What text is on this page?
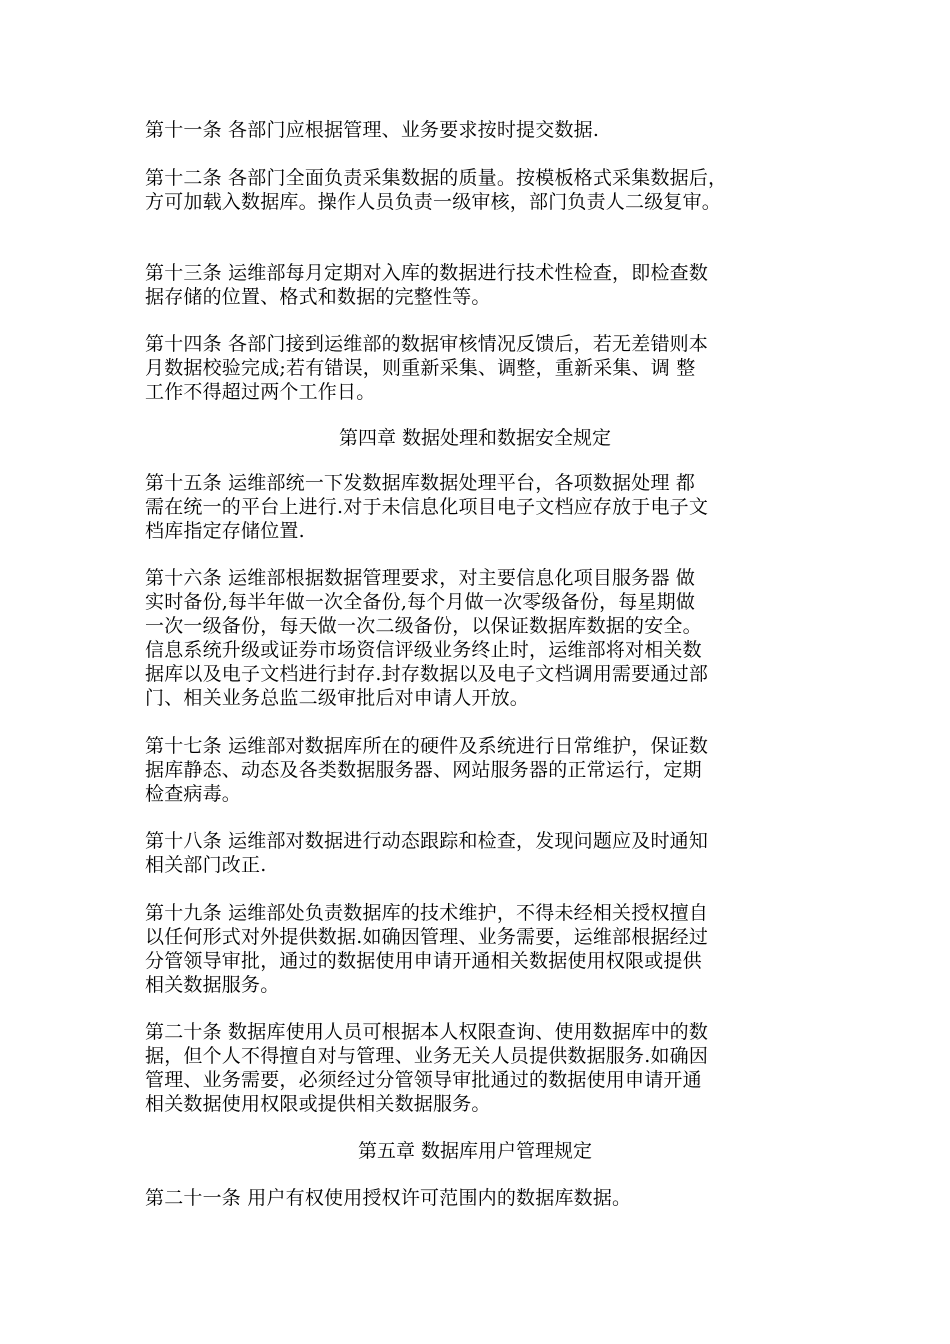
第十一条 各部门应根据管理、业务要求按时提交数据.
第十二条 各部门全面负责采集数据的质量。按模板格式采集数据后，
方可加载入数据库。操作人员负责一级审核，部门负责人二级复审。
第十三条 运维部每月定期对入库的数据进行技术性检查，即检查数
据存储的位置、格式和数据的完整性等。
第十四条 各部门接到运维部的数据审核情况反馈后，若无差错则本
月数据校验完成;若有错误，则重新采集、调整，重新采集、调 整
工作不得超过两个工作日。
第四章 数据处理和数据安全规定
第十五条 运维部统一下发数据库数据处理平台，各项数据处理 都
需在统一的平台上进行.对于未信息化项目电子文档应存放于电子文
档库指定存储位置.
第十六条 运维部根据数据管理要求，对主要信息化项目服务器 做
实时备份,每半年做一次全备份,每个月做一次零级备份，每星期做
一次一级备份，每天做一次二级备份，以保证数据库数据的安全。
信息系统升级或证券市场资信评级业务终止时，运维部将对相关数
据库以及电子文档进行封存.封存数据以及电子文档调用需要通过部
门、相关业务总监二级审批后对申请人开放。
第十七条 运维部对数据库所在的硬件及系统进行日常维护，保证数
据库静态、动态及各类数据服务器、网站服务器的正常运行，定期
检查病毒。
第十八条 运维部对数据进行动态跟踪和检查，发现问题应及时通知
相关部门改正.
第十九条 运维部处负责数据库的技术维护，不得未经相关授权擅自
以任何形式对外提供数据.如确因管理、业务需要，运维部根据经过
分管领导审批，通过的数据使用申请开通相关数据使用权限或提供
相关数据服务。
第二十条 数据库使用人员可根据本人权限查询、使用数据库中的数
据，但个人不得擅自对与管理、业务无关人员提供数据服务.如确因
管理、业务需要，必须经过分管领导审批通过的数据使用申请开通
相关数据使用权限或提供相关数据服务。
第五章 数据库用户管理规定
第二十一条 用户有权使用授权许可范围内的数据库数据。
